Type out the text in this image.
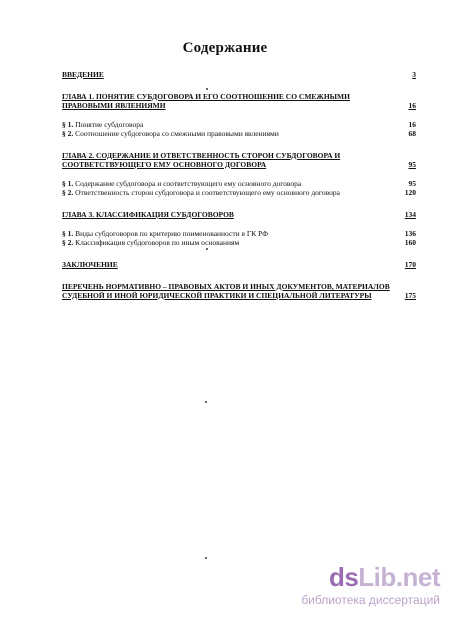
Содержание
ВВЕДЕНИЕ	3
ГЛАВА 1. ПОНЯТИЕ СУБДОГОВОРА И ЕГО СООТНОШЕНИЕ СО СМЕЖНЫМИ ПРАВОВЫМИ ЯВЛЕНИЯМИ	16
§ 1. Понятие субдоговора	16
§ 2. Соотношение субдоговора со смежными правовыми явлениями	68
ГЛАВА 2. СОДЕРЖАНИЕ И ОТВЕТСТВЕННОСТЬ СТОРОН СУБДОГОВОРА И СООТВЕТСТВУЮЩЕГО ЕМУ ОСНОВНОГО ДОГОВОРА	95
§ 1. Содержание субдоговора и соответствующего ему основного договора	95
§ 2. Ответственность сторон субдоговора и соответствующего ему основного договора	120
ГЛАВА 3. КЛАССИФИКАЦИЯ СУБДОГОВОРОВ	134
§ 1. Виды субдоговоров по критерию поименованности в ГК РФ	136
§ 2. Классификация субдоговоров по иным основаниям	160
ЗАКЛЮЧЕНИЕ	170
ПЕРЕЧЕНЬ НОРМАТИВНО – ПРАВОВЫХ АКТОВ И ИНЫХ ДОКУМЕНТОВ, МАТЕРИАЛОВ СУДЕБНОЙ И ИНОЙ ЮРИДИЧЕСКОЙ ПРАКТИКИ И СПЕЦИАЛЬНОЙ ЛИТЕРАТУРЫ	175
dsLib.net
библиотека диссертаций
